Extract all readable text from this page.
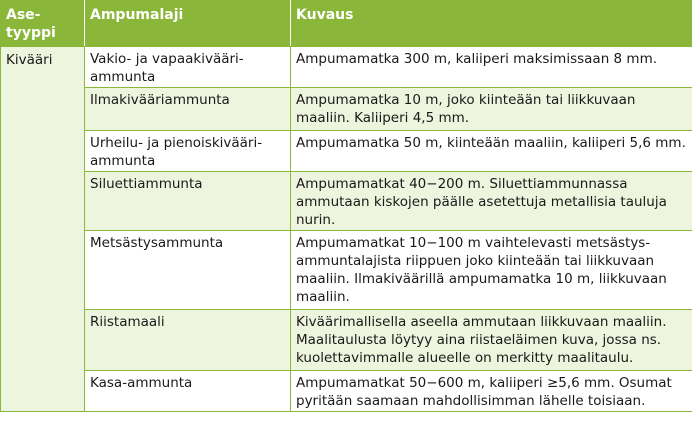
Ase-tyyppi	Ampumalaji	Kuvaus
Kivääri	Vakio- ja vapaakivääri-ammunta	Ampumamatka 300 m, kaliiperi maksimissaan 8 mm.
	Ilmakivääriammunta	Ampumamatka 10 m, joko kiinteään tai liikkuvaan maaliin. Kaliiperi 4,5 mm.
	Urheilu- ja pienoiskivääri-ammunta	Ampumamatka 50 m, kiinteään maaliin, kaliiperi 5,6 mm.
	Siluettiammunta	Ampumamatkat 40−200 m. Siluettiammunnassa ammutaan kiskojen päälle asetettuja metallisia tauluja nurin.
	Metsästysammunta	Ampumamatkat 10−100 m vaihtelevasti metsästys-ammuntalajista riippuen joko kiinteään tai liikkuvaan maaliin. Ilmakiväärillä ampumamatka 10 m, liikkuvaan maaliin.
	Riistamaali	Kiväärimallisella aseella ammutaan liikkuvaan maaliin. Maalitaulusta löytyy aina riistaeläimen kuva, jossa ns. kuolettavimmalle alueelle on merkitty maalitaulu.
	Kasa-ammunta	Ampumamatkat 50−600 m, kaliiperi ≥5,6 mm. Osumat pyritään saamaan mahdollisimman lähelle toisiaan.
